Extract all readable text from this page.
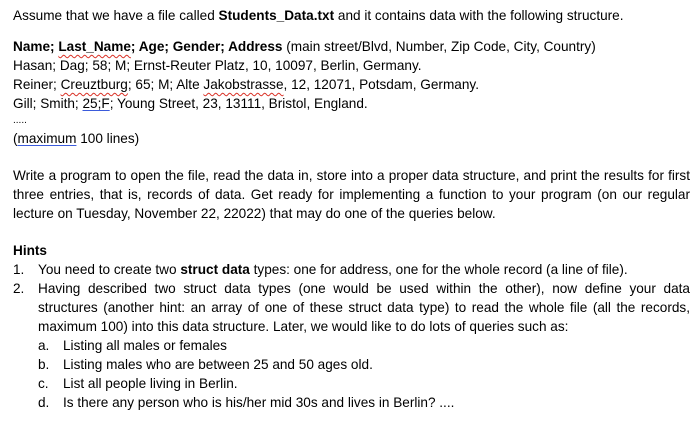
Assume that we have a file called Students_Data.txt and it contains data with the following structure.
Name; Last_Name; Age; Gender; Address (main street/Blvd, Number, Zip Code, City, Country)
Hasan; Dag; 58; M; Ernst-Reuter Platz, 10, 10097, Berlin, Germany.
Reiner; Creuztburg; 65; M; Alte Jakobstrasse, 12, 12071, Potsdam, Germany.
Gill; Smith; 25;F; Young Street, 23, 13111, Bristol, England.
.....
(maximum 100 lines)

Write a program to open the file, read the data in, store into a proper data structure, and print the results for first three entries, that is, records of data. Get ready for implementing a function to your program (on our regular lecture on Tuesday, November 22, 22022) that may do one of the queries below.

Hints
1. You need to create two struct data types: one for address, one for the whole record (a line of file).
2. Having described two struct data types (one would be used within the other), now define your data structures (another hint: an array of one of these struct data type) to read the whole file (all the records, maximum 100) into this data structure. Later, we would like to do lots of queries such as:
a. Listing all males or females
b. Listing males who are between 25 and 50 ages old.
c. List all people living in Berlin.
d. Is there any person who is his/her mid 30s and lives in Berlin? ....
